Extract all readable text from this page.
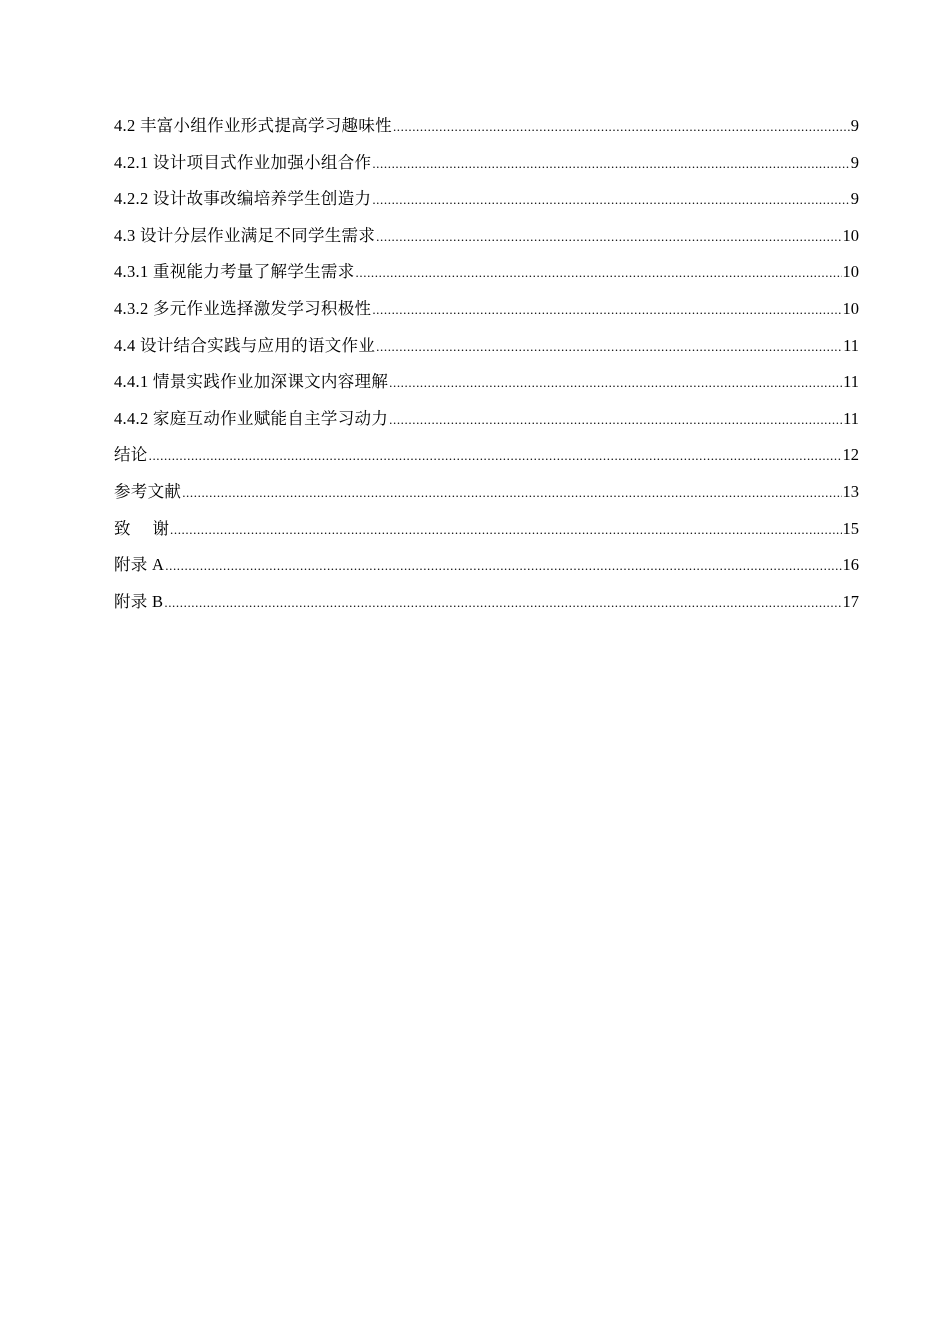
4.2 丰富小组作业形式提高学习趣味性 .....	9
4.2.1 设计项目式作业加强小组合作 .....	9
4.2.2 设计故事改编培养学生创造力 .....	9
4.3 设计分层作业满足不同学生需求 .....	10
4.3.1 重视能力考量了解学生需求 .....	10
4.3.2 多元作业选择激发学习积极性 .....	10
4.4 设计结合实践与应用的语文作业 .....	11
4.4.1 情景实践作业加深课文内容理解 .....	11
4.4.2 家庭互动作业赋能自主学习动力 .....	11
结论 .....	12
参考文献 .....	13
致 谢 .....	15
附录 A .....	16
附录 B .....	17
